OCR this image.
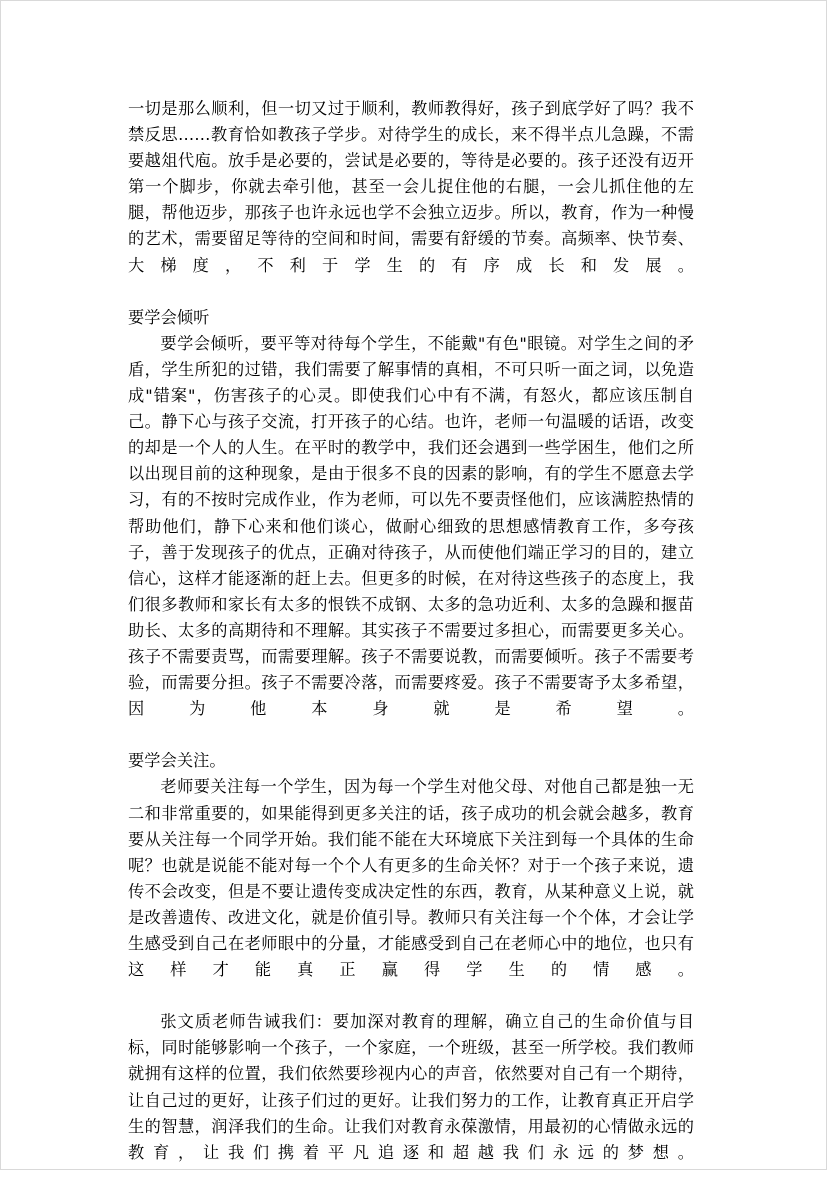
一切是那么顺利，但一切又过于顺利，教师教得好，孩子到底学好了吗？我不禁反思……教育恰如教孩子学步。对待学生的成长，来不得半点儿急躁，不需要越俎代庖。放手是必要的，尝试是必要的，等待是必要的。孩子还没有迈开第一个脚步，你就去牵引他，甚至一会儿捉住他的右腿，一会儿抓住他的左腿，帮他迈步，那孩子也许永远也学不会独立迈步。所以，教育，作为一种慢的艺术，需要留足等待的空间和时间，需要有舒缓的节奏。高频率、快节奏、大梯度，不利于学生的有序成长和发展。

要学会倾听

要学会倾听，要平等对待每个学生，不能戴"有色"眼镜。对学生之间的矛盾，学生所犯的过错，我们需要了解事情的真相，不可只听一面之词，以免造成"错案"，伤害孩子的心灵。即使我们心中有不满，有怒火，都应该压制自己。静下心与孩子交流，打开孩子的心结。也许，老师一句温暖的话语，改变的却是一个人的人生。在平时的教学中，我们还会遇到一些学困生，他们之所以出现目前的这种现象，是由于很多不良的因素的影响，有的学生不愿意去学习，有的不按时完成作业，作为老师，可以先不要责怪他们，应该满腔热情的帮助他们，静下心来和他们谈心，做耐心细致的思想感情教育工作，多夸孩子，善于发现孩子的优点，正确对待孩子，从而使他们端正学习的目的，建立信心，这样才能逐渐的赶上去。但更多的时候，在对待这些孩子的态度上，我们很多教师和家长有太多的恨铁不成钢、太多的急功近利、太多的急躁和揠苗助长、太多的高期待和不理解。其实孩子不需要过多担心，而需要更多关心。孩子不需要责骂，而需要理解。孩子不需要说教，而需要倾听。孩子不需要考验，而需要分担。孩子不需要冷落，而需要疼爱。孩子不需要寄予太多希望，因为他本身就是希望。

要学会关注。

老师要关注每一个学生，因为每一个学生对他父母、对他自己都是独一无二和非常重要的，如果能得到更多关注的话，孩子成功的机会就会越多，教育要从关注每一个同学开始。我们能不能在大环境底下关注到每一个具体的生命呢？也就是说能不能对每一个个人有更多的生命关怀？对于一个孩子来说，遗传不会改变，但是不要让遗传变成决定性的东西，教育，从某种意义上说，就是改善遗传、改进文化，就是价值引导。教师只有关注每一个个体，才会让学生感受到自己在老师眼中的分量，才能感受到自己在老师心中的地位，也只有这样才能真正赢得学生的情感。

张文质老师告诫我们：要加深对教育的理解，确立自己的生命价值与目标，同时能够影响一个孩子，一个家庭，一个班级，甚至一所学校。我们教师就拥有这样的位置，我们依然要珍视内心的声音，依然要对自己有一个期待，让自己过的更好，让孩子们过的更好。让我们努力的工作，让教育真正开启学生的智慧，润泽我们的生命。让我们对教育永葆激情，用最初的心情做永远的教育，让我们携着平凡追逐和超越我们永远的梦想。
